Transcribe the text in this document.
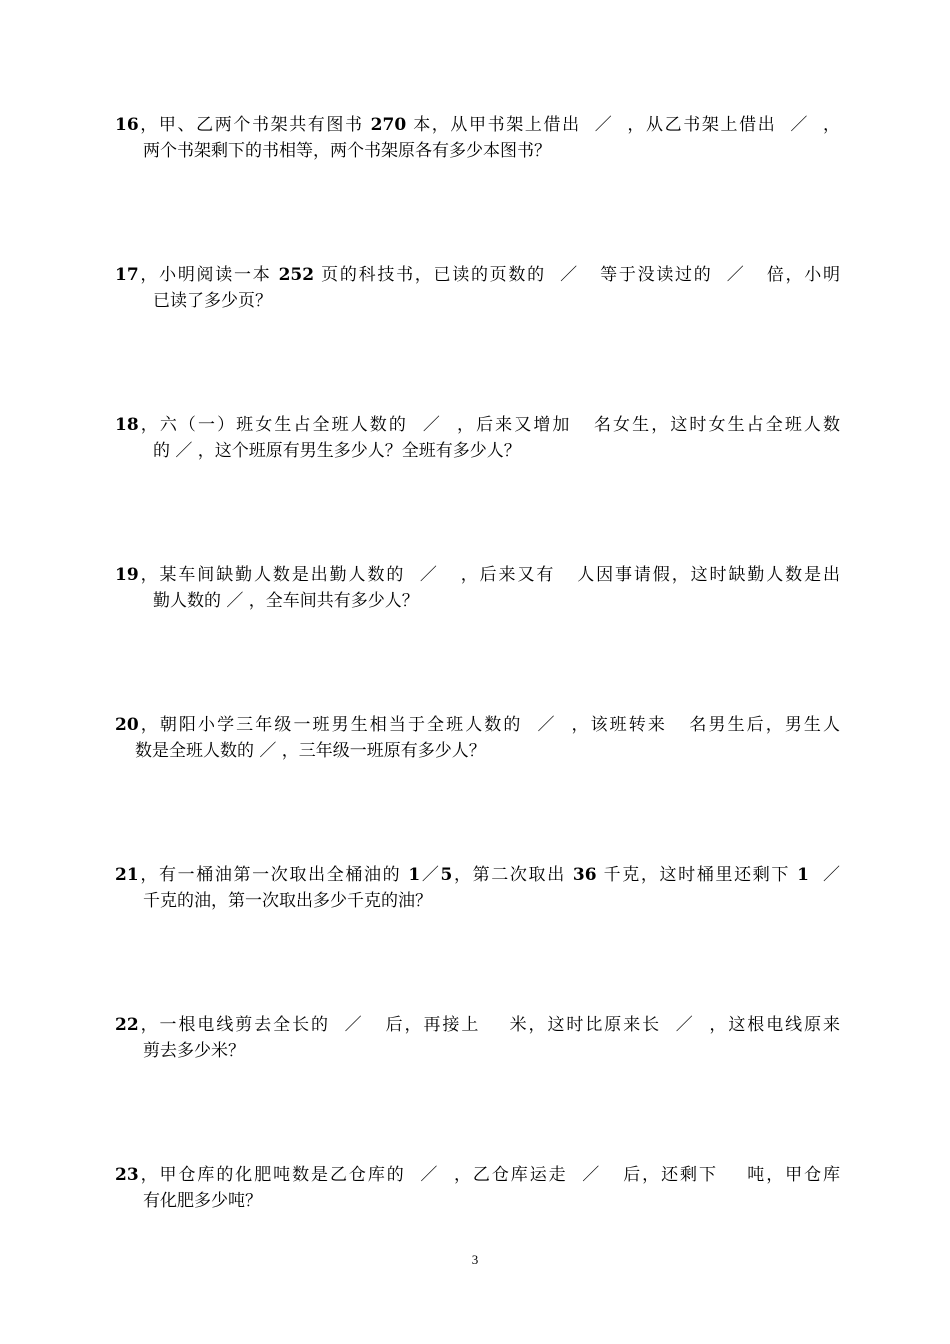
16，甲、乙两个书架共有图书 270 本，从甲书架上借出  ／  ，从乙书架上借出  ／  ，
两个书架剩下的书相等，两个书架原各有多少本图书？
17，小明阅读一本 252 页的科技书，已读的页数的  ／   等于没读过的  ／   倍，小明
已读了多少页？
18，六（一）班女生占全班人数的  ／  ，后来又增加   名女生，这时女生占全班人数
的 ／ ，这个班原有男生多少人？全班有多少人？
19，某车间缺勤人数是出勤人数的  ／   ，后来又有   人因事请假，这时缺勤人数是出
勤人数的 ／ ，全车间共有多少人？
20，朝阳小学三年级一班男生相当于全班人数的  ／  ，该班转来   名男生后，男生人
数是全班人数的 ／ ，三年级一班原有多少人？
21，有一桶油第一次取出全桶油的 1／5，第二次取出 36 千克，这时桶里还剩下 1  ／
千克的油，第一次取出多少千克的油？
22，一根电线剪去全长的  ／   后，再接上    米，这时比原来长  ／  ，这根电线原来
剪去多少米？
23，甲仓库的化肥吨数是乙仓库的  ／  ，乙仓库运走  ／   后，还剩下    吨，甲仓库
有化肥多少吨？
3
